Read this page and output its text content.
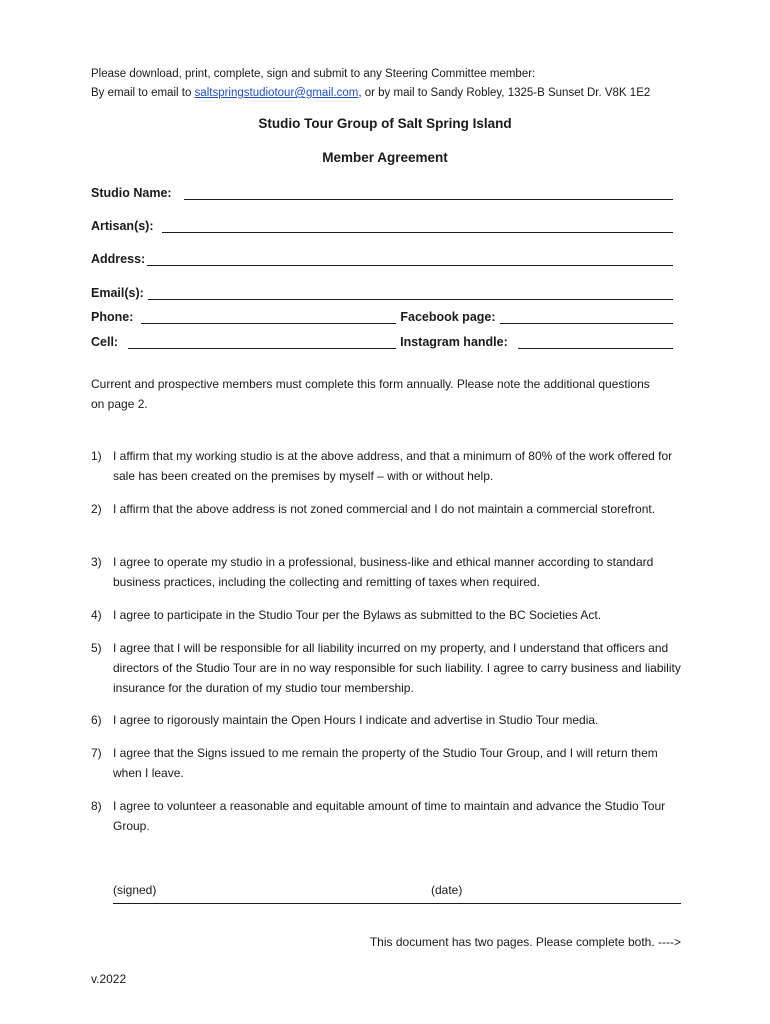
Please download, print, complete, sign and submit to any Steering Committee member:
By email to email to saltspringstudiotour@gmail.com, or by mail to Sandy Robley, 1325-B Sunset Dr. V8K 1E2
Studio Tour Group of Salt Spring Island
Member Agreement
Studio Name:
Artisan(s):
Address:
Email(s):
Phone:	Facebook page:
Cell:	Instagram handle:
Current and prospective members must complete this form annually. Please note the additional questions on page 2.
1) I affirm that my working studio is at the above address, and that a minimum of 80% of the work offered for sale has been created on the premises by myself – with or without help.
2) I affirm that the above address is not zoned commercial and I do not maintain a commercial storefront.
3) I agree to operate my studio in a professional, business-like and ethical manner according to standard business practices, including the collecting and remitting of taxes when required.
4) I agree to participate in the Studio Tour per the Bylaws as submitted to the BC Societies Act.
5) I agree that I will be responsible for all liability incurred on my property, and I understand that officers and directors of the Studio Tour are in no way responsible for such liability. I agree to carry business and liability insurance for the duration of my studio tour membership.
6) I agree to rigorously maintain the Open Hours I indicate and advertise in Studio Tour media.
7) I agree that the Signs issued to me remain the property of the Studio Tour Group, and I will return them when I leave.
8) I agree to volunteer a reasonable and equitable amount of time to maintain and advance the Studio Tour Group.
(signed)	(date)
This document has two pages. Please complete both. ---->
v.2022
